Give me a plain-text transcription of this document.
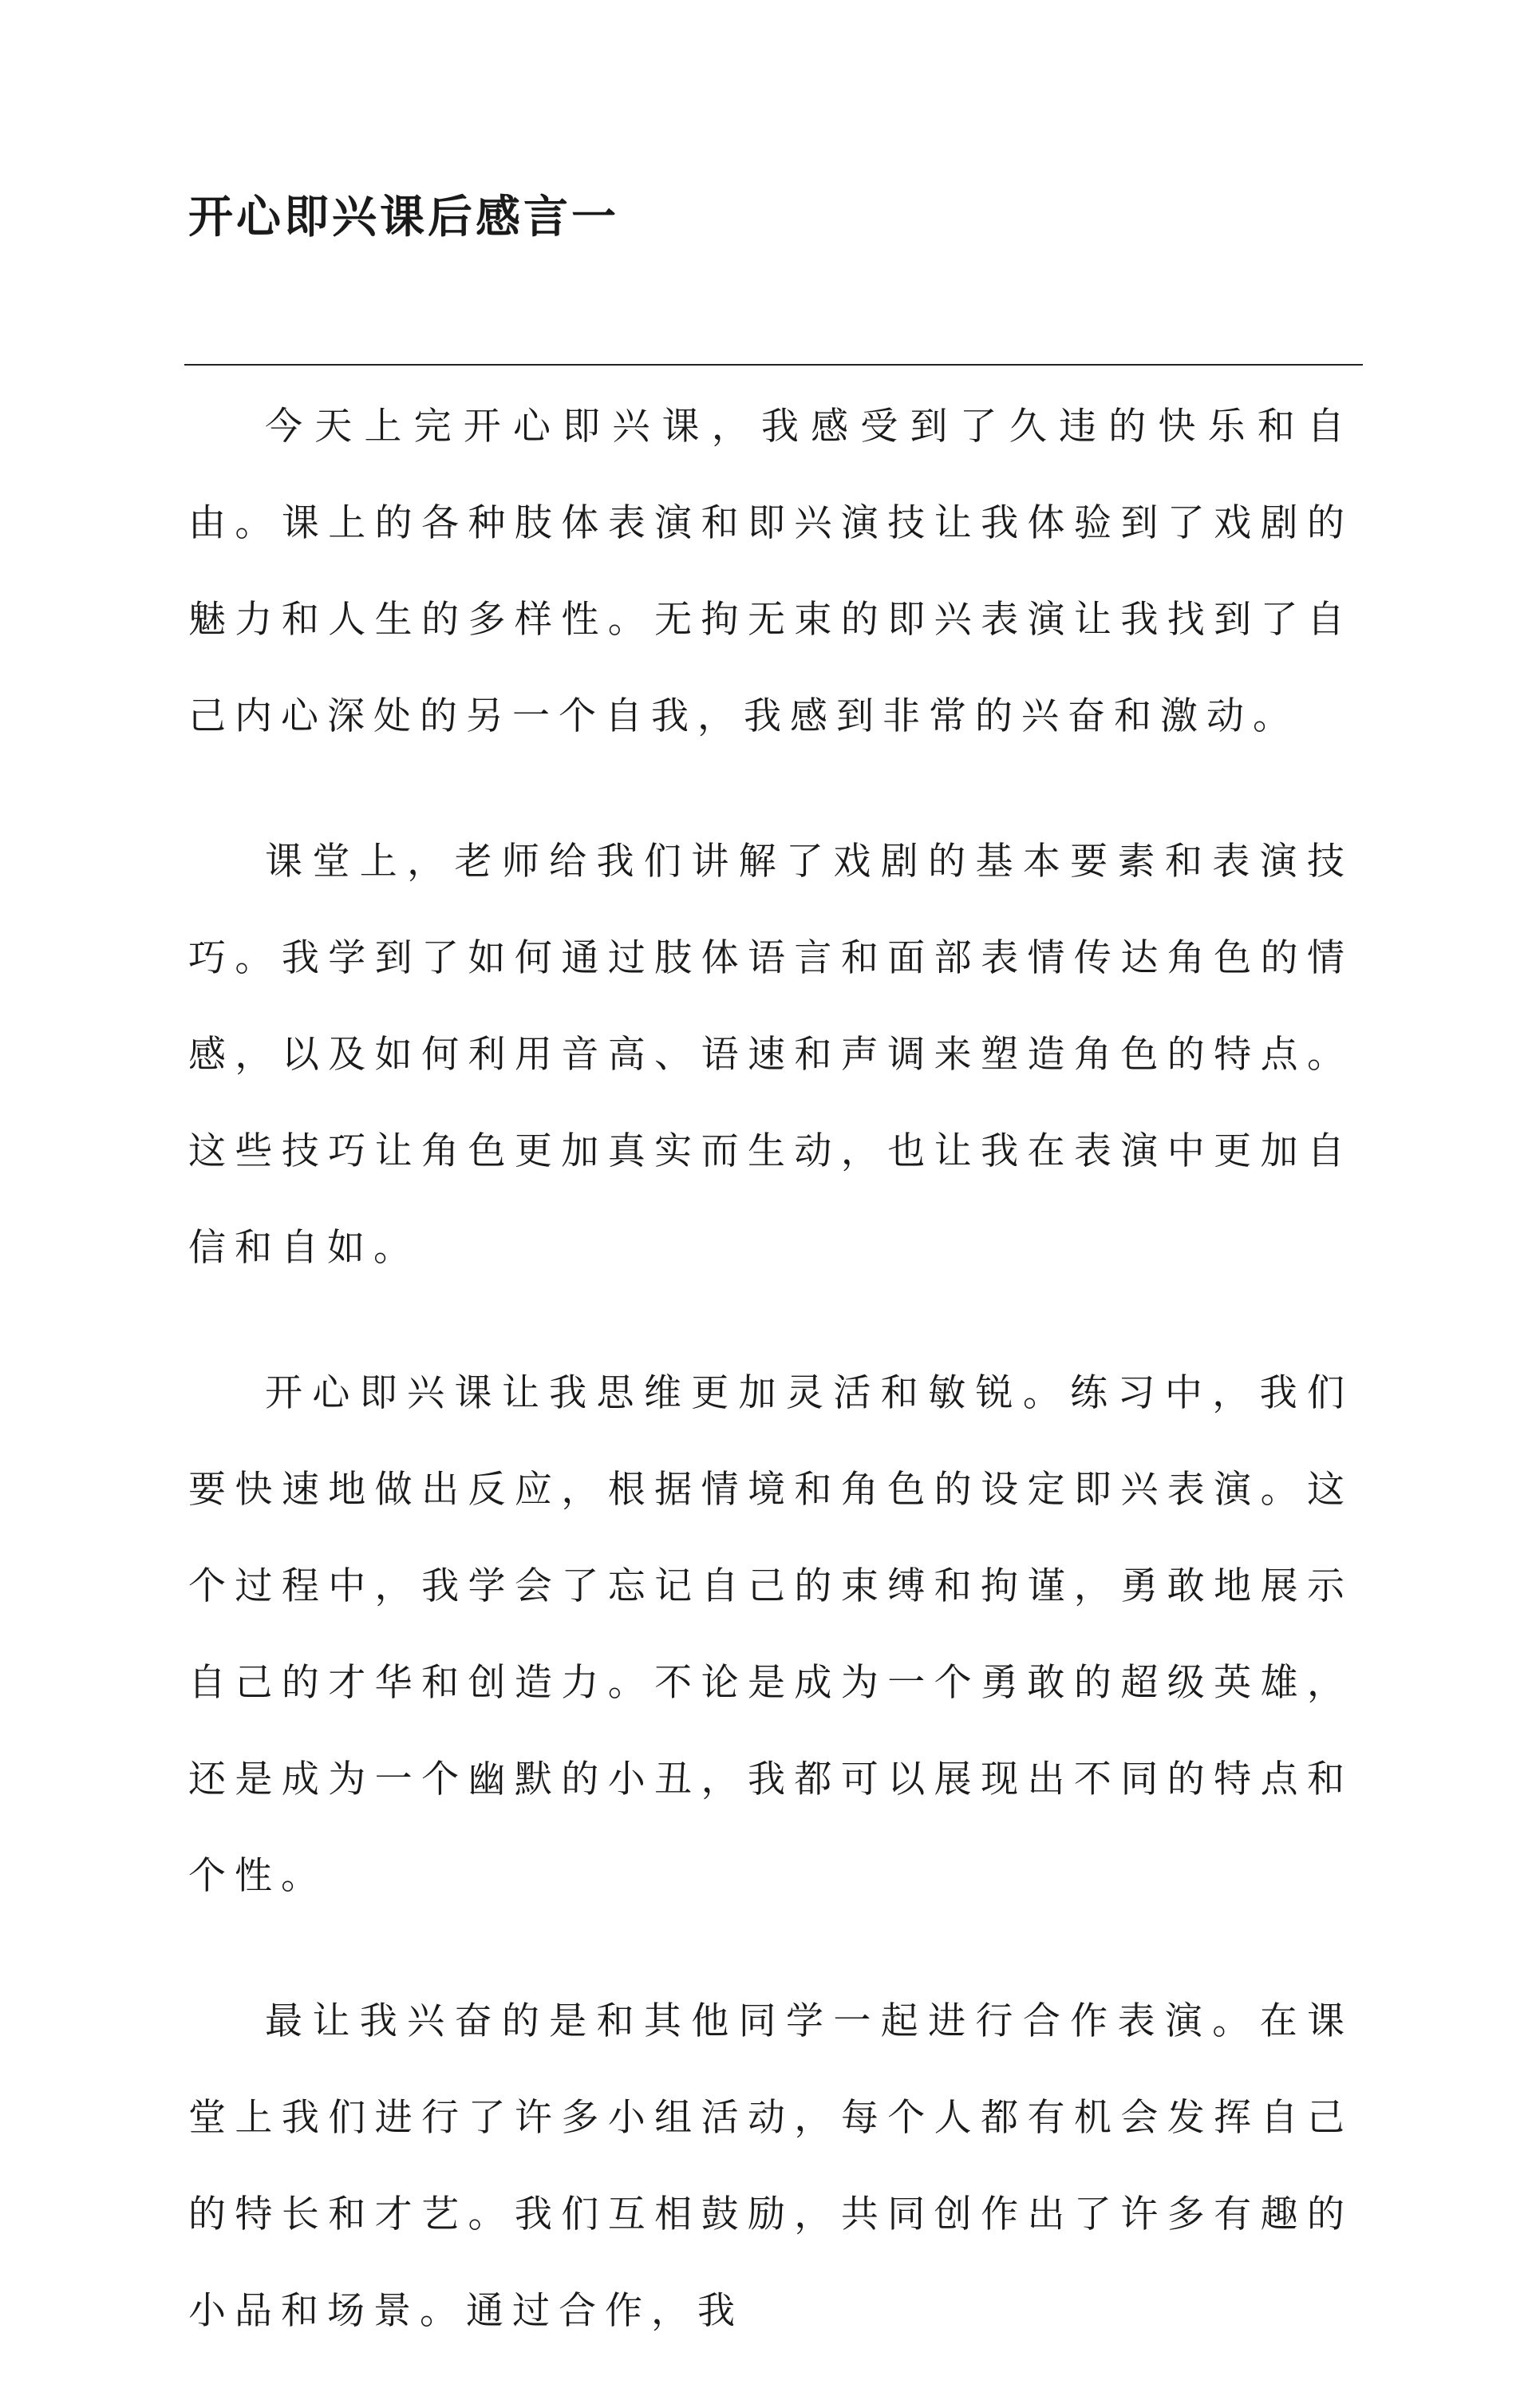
开心即兴课后感言一

今天上完开心即兴课，我感受到了久违的快乐和自由。课上的各种肢体表演和即兴演技让我体验到了戏剧的魅力和人生的多样性。无拘无束的即兴表演让我找到了自己内心深处的另一个自我，我感到非常的兴奋和激动。

课堂上，老师给我们讲解了戏剧的基本要素和表演技巧。我学到了如何通过肢体语言和面部表情传达角色的情感，以及如何利用音高、语速和声调来塑造角色的特点。这些技巧让角色更加真实而生动，也让我在表演中更加自信和自如。

开心即兴课让我思维更加灵活和敏锐。练习中，我们要快速地做出反应，根据情境和角色的设定即兴表演。这个过程中，我学会了忘记自己的束缚和拘谨，勇敢地展示自己的才华和创造力。不论是成为一个勇敢的超级英雄，还是成为一个幽默的小丑，我都可以展现出不同的特点和个性。

最让我兴奋的是和其他同学一起进行合作表演。在课堂上我们进行了许多小组活动，每个人都有机会发挥自己的特长和才艺。我们互相鼓励，共同创作出了许多有趣的小品和场景。通过合作，我
